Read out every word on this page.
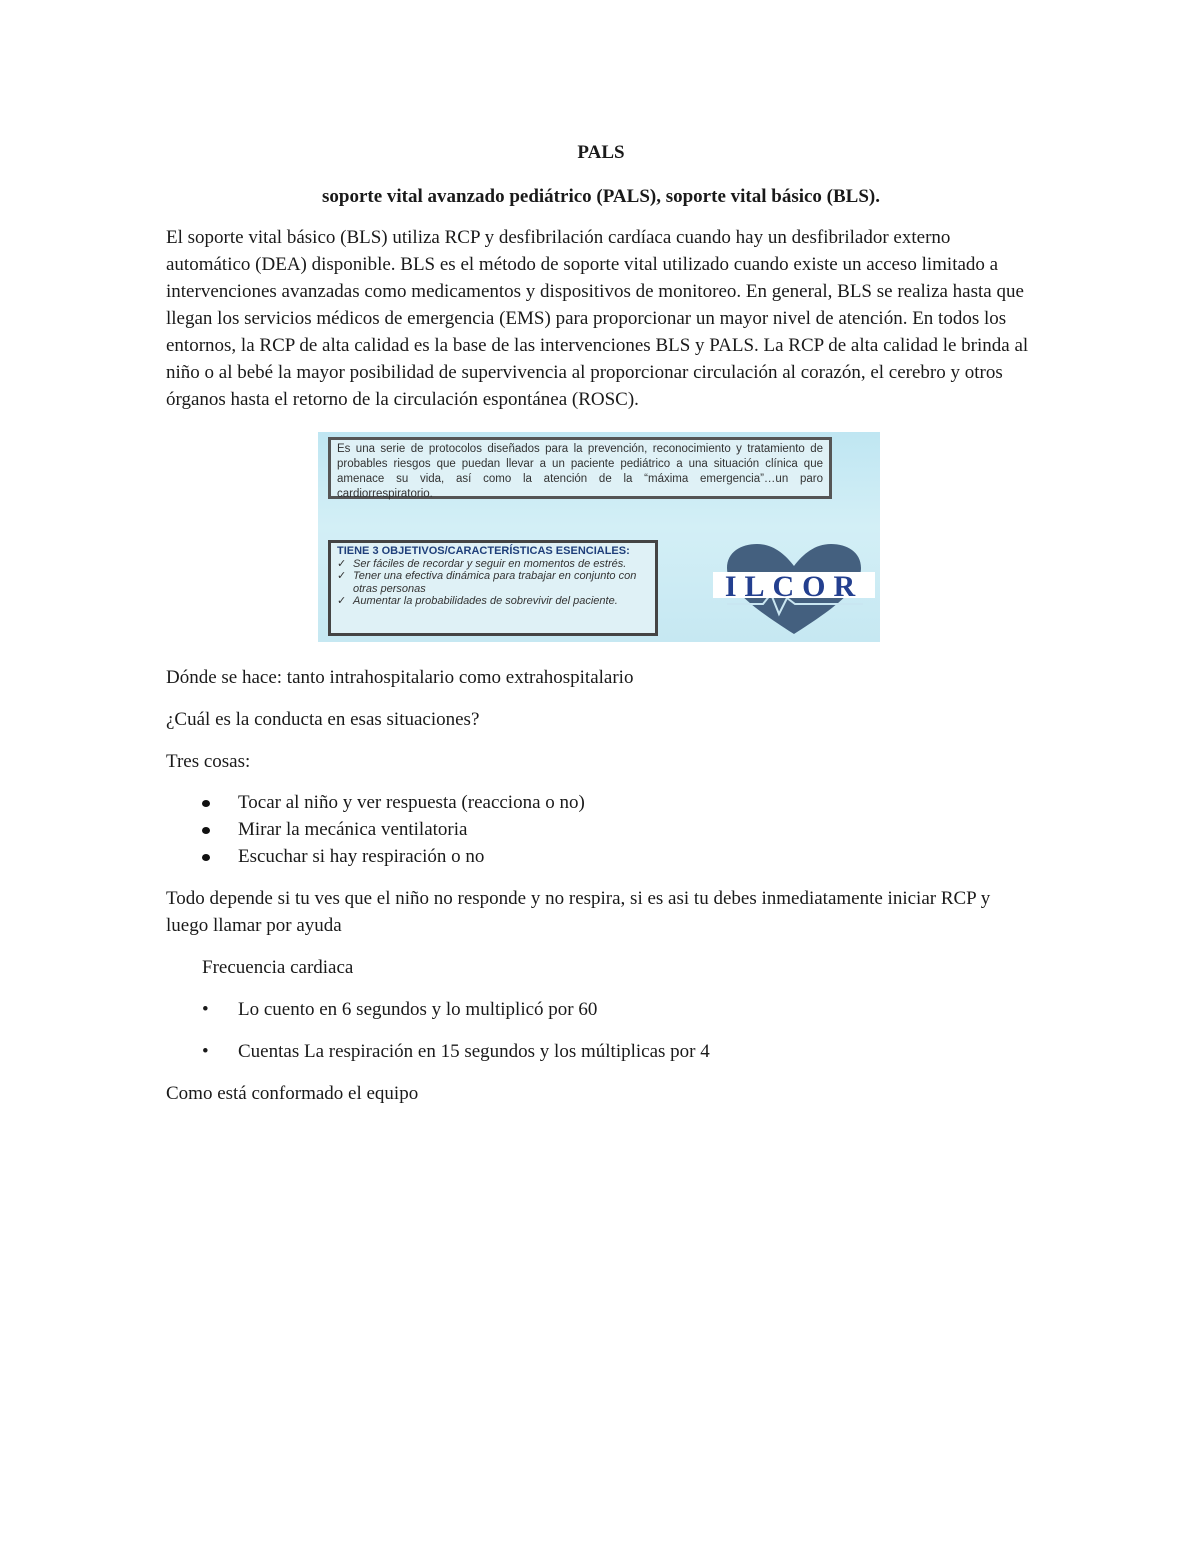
PALS

soporte vital avanzado pediátrico (PALS), soporte vital básico (BLS).

El soporte vital básico (BLS) utiliza RCP y desfibrilación cardíaca cuando hay un desfibrilador externo automático (DEA) disponible. BLS es el método de soporte vital utilizado cuando existe un acceso limitado a intervenciones avanzadas como medicamentos y dispositivos de monitoreo. En general, BLS se realiza hasta que llegan los servicios médicos de emergencia (EMS) para proporcionar un mayor nivel de atención. En todos los entornos, la RCP de alta calidad es la base de las intervenciones BLS y PALS. La RCP de alta calidad le brinda al niño o al bebé la mayor posibilidad de supervivencia al proporcionar circulación al corazón, el cerebro y otros órganos hasta el retorno de la circulación espontánea (ROSC).

Es una serie de protocolos diseñados para la prevención, reconocimiento y tratamiento de probables riesgos que puedan llevar a un paciente pediátrico a una situación clínica que amenace su vida, así como la atención de la “máxima emergencia”…un paro cardiorrespiratorio.
TIENE 3 OBJETIVOS/CARACTERÍSTICAS ESENCIALES:
✓ Ser fáciles de recordar y seguir en momentos de estrés.
✓ Tener una efectiva dinámica para trabajar en conjunto con otras personas
✓ Aumentar la probabilidades de sobrevivir del paciente.	ILCOR

Dónde se hace: tanto intrahospitalario como extrahospitalario

¿Cuál es la conducta en esas situaciones?

Tres cosas:

Tocar al niño y ver respuesta (reacciona o no)
Mirar la mecánica ventilatoria
Escuchar si hay respiración o no

Todo depende si tu ves que el niño no responde y no respira, si es asi tu debes inmediatamente iniciar RCP y luego llamar por ayuda

Frecuencia cardiaca

• Lo cuento en 6 segundos y lo multiplicó por 60
• Cuentas La respiración en 15 segundos y los múltiplicas por 4

Como está conformado el equipo
